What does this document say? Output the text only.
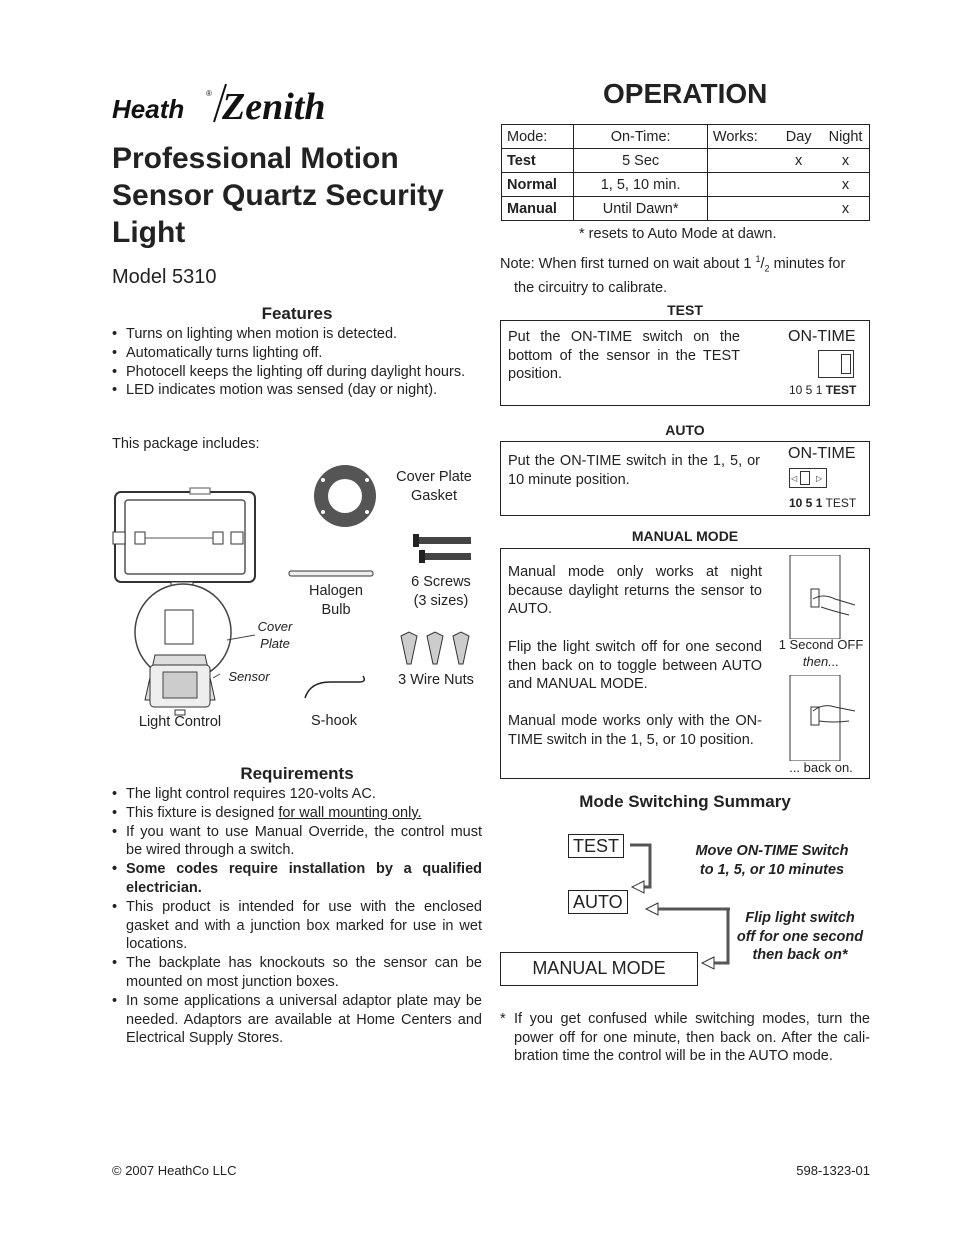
Heath
® Zenith
Professional Motion
Sensor Quartz Security
Light
Model 5310
Features
• Turns on lighting when motion is detected.
• Automatically turns lighting off.
• Photocell keeps the lighting off during daylight hours.
• LED indicates motion was sensed (day or night).
This package includes:
Cover Plate
Gasket
Halogen
Bulb
6 Screws
(3 sizes)
Cover
Plate
Sensor	3 Wire Nuts
Light Control	S-hook
Requirements
• The light control requires 120-volts AC.
• This fixture is designed for wall mounting only.
• If you want to use Manual Override, the control must be wired through a switch.
• Some codes require installation by a qualified electrician.
• This product is intended for use with the enclosed gasket and with a junction box marked for use in wet locations.
• The backplate has knockouts so the sensor can be mounted on most junction boxes.
• In some applications a universal adaptor plate may be needed. Adaptors are available at Home Centers and Electrical Supply Stores.
OPERATION
Mode:	On-Time:	Works:	Day	Night
Test	5 Sec		x	x
Normal	1, 5, 10 min.			x
Manual	Until Dawn*			x
* resets to Auto Mode at dawn.
Note: When first turned on wait about 1 $^1/_2$ minutes for
the circuitry to calibrate.
TEST
Put the ON-TIME switch on the bottom of the sensor in the TEST position.
ON-TIME
10 5 1 TEST
AUTO
Put the ON-TIME switch in the 1, 5, or 10 minute position.
ON-TIME
◁ ▷
10 5 1 TEST
MANUAL MODE
Manual mode only works at night because daylight returns the sensor to AUTO.
Flip the light switch off for one second then back on to toggle between AUTO and MANUAL MODE.
Manual mode works only with the ON-TIME switch in the 1, 5, or 10 position.
1 Second OFF
then...
... back on.
Mode Switching Summary
TEST
AUTO
MANUAL MODE
Move ON-TIME Switch
to 1, 5, or 10 minutes
Flip light switch
off for one second
then back on*
* If you get confused while switching modes, turn the power off for one minute, then back on. After the cali-bration time the control will be in the AUTO mode.
© 2007 HeathCo LLC	598-1323-01
